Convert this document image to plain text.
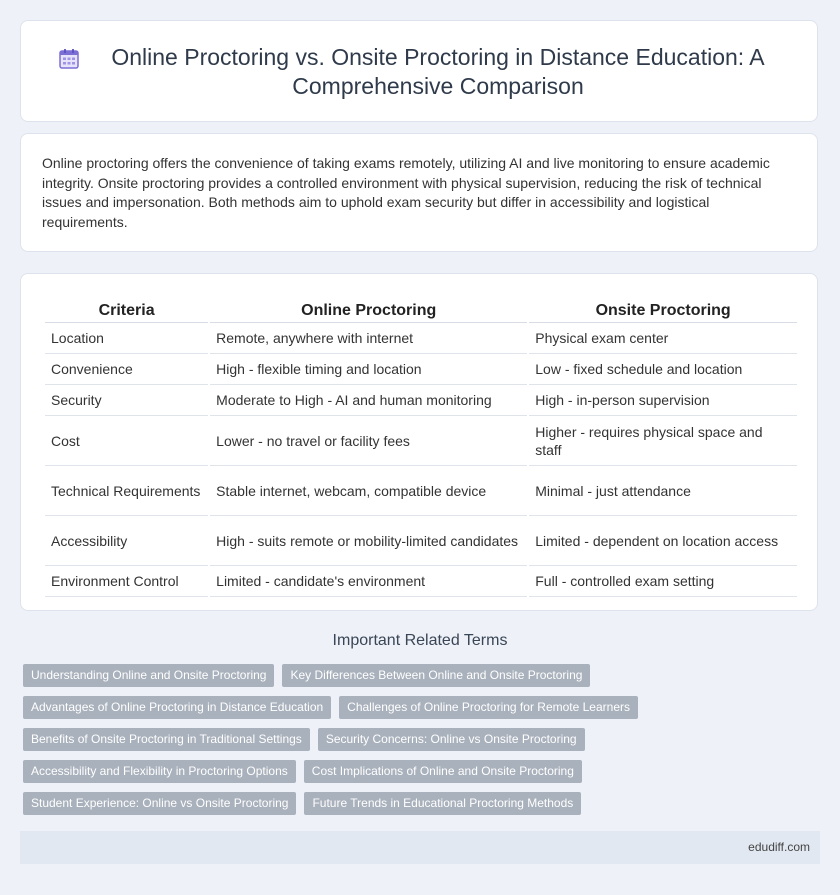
Online Proctoring vs. Onsite Proctoring in Distance Education: A Comprehensive Comparison

Online proctoring offers the convenience of taking exams remotely, utilizing AI and live monitoring to ensure academic integrity. Onsite proctoring provides a controlled environment with physical supervision, reducing the risk of technical issues and impersonation. Both methods aim to uphold exam security but differ in accessibility and logistical requirements.

Criteria	Online Proctoring	Onsite Proctoring
Location	Remote, anywhere with internet	Physical exam center
Convenience	High - flexible timing and location	Low - fixed schedule and location
Security	Moderate to High - AI and human monitoring	High - in-person supervision
Cost	Lower - no travel or facility fees	Higher - requires physical space and staff
Technical Requirements	Stable internet, webcam, compatible device	Minimal - just attendance
Accessibility	High - suits remote or mobility-limited candidates	Limited - dependent on location access
Environment Control	Limited - candidate's environment	Full - controlled exam setting
Important Related Terms
Understanding Online and Onsite Proctoring	Key Differences Between Online and Onsite Proctoring
Advantages of Online Proctoring in Distance Education	Challenges of Online Proctoring for Remote Learners
Benefits of Onsite Proctoring in Traditional Settings	Security Concerns: Online vs Onsite Proctoring
Accessibility and Flexibility in Proctoring Options	Cost Implications of Online and Onsite Proctoring
Student Experience: Online vs Onsite Proctoring	Future Trends in Educational Proctoring Methods
edudiff.com
